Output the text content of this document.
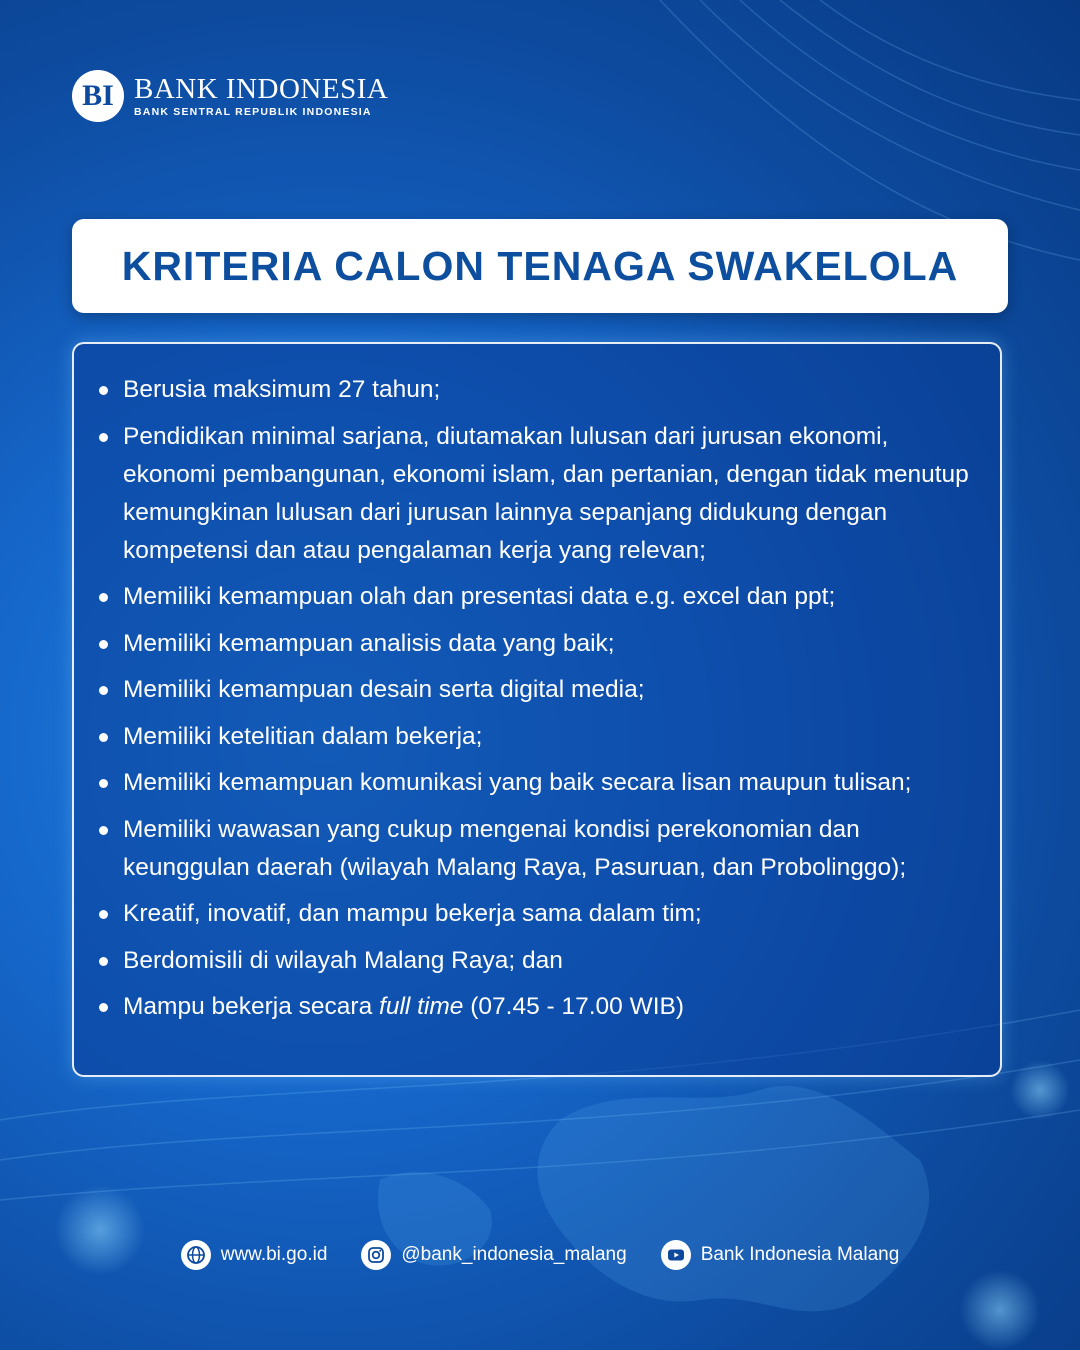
BI BANK INDONESIA
BANK SENTRAL REPUBLIK INDONESIA
KRITERIA CALON TENAGA SWAKELOLA
Berusia maksimum 27 tahun;
Pendidikan minimal sarjana, diutamakan lulusan dari jurusan ekonomi, ekonomi pembangunan, ekonomi islam, dan pertanian, dengan tidak menutup kemungkinan lulusan dari jurusan lainnya sepanjang didukung dengan kompetensi dan atau pengalaman kerja yang relevan;
Memiliki kemampuan olah dan presentasi data e.g. excel dan ppt;
Memiliki kemampuan analisis data yang baik;
Memiliki kemampuan desain serta digital media;
Memiliki ketelitian dalam bekerja;
Memiliki kemampuan komunikasi yang baik secara lisan maupun tulisan;
Memiliki wawasan yang cukup mengenai kondisi perekonomian dan keunggulan daerah (wilayah Malang Raya, Pasuruan, dan Probolinggo);
Kreatif, inovatif, dan mampu bekerja sama dalam tim;
Berdomisili di wilayah Malang Raya; dan
Mampu bekerja secara full time (07.45 - 17.00 WIB)
www.bi.go.id	@bank_indonesia_malang	Bank Indonesia Malang
